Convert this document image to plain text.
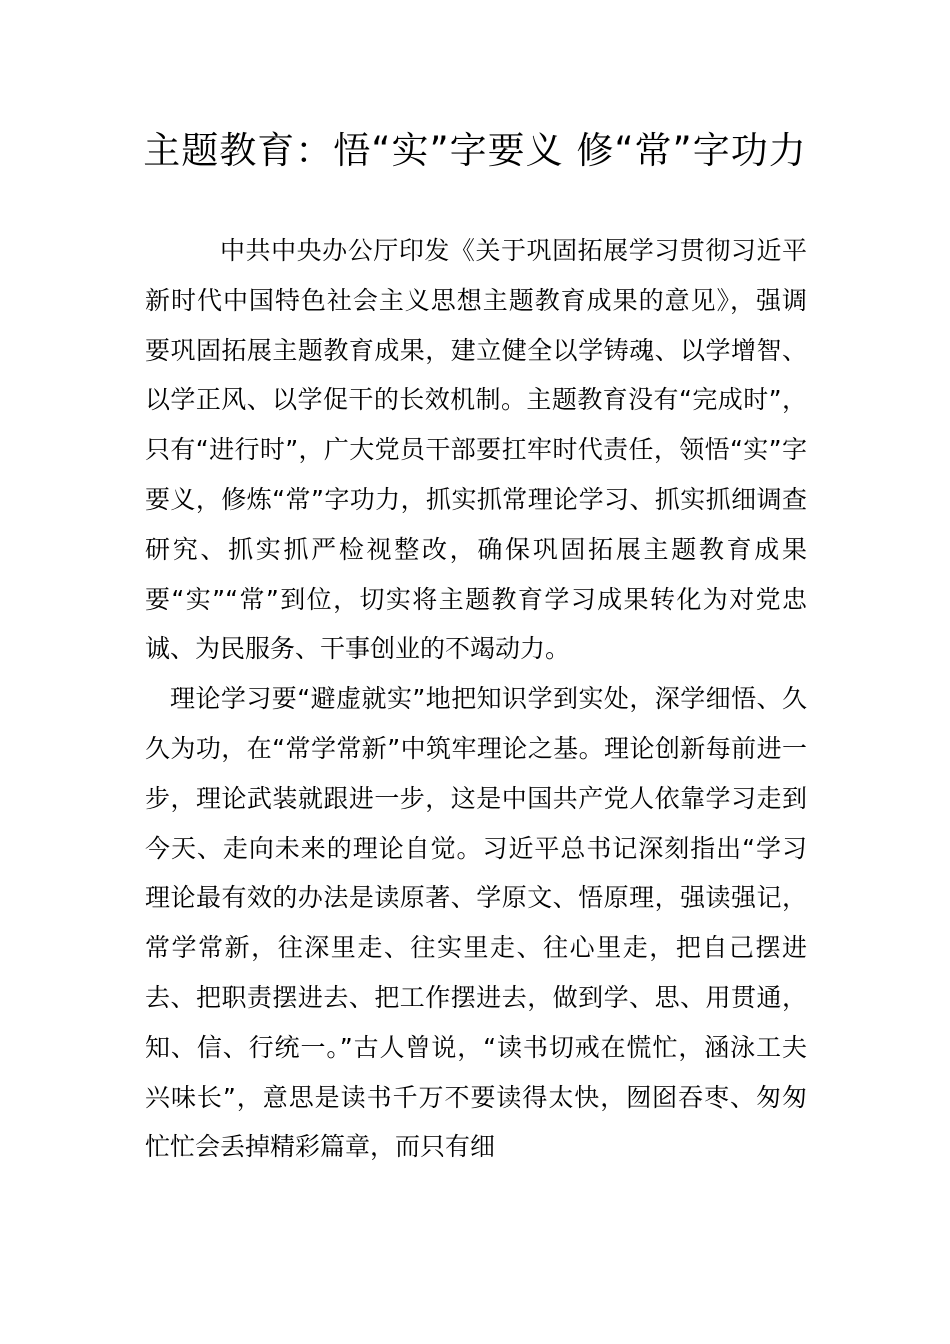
主题教育：悟“实”字要义 修“常”字功力

中共中央办公厅印发《关于巩固拓展学习贯彻习近平新时代中国特色社会主义思想主题教育成果的意见》，强调要巩固拓展主题教育成果，建立健全以学铸魂、以学增智、以学正风、以学促干的长效机制。主题教育没有“完成时”，只有“进行时”，广大党员干部要扛牢时代责任，领悟“实”字要义，修炼“常”字功力，抓实抓常理论学习、抓实抓细调查研究、抓实抓严检视整改，确保巩固拓展主题教育成果要“实”“常”到位，切实将主题教育学习成果转化为对党忠诚、为民服务、干事创业的不竭动力。

理论学习要“避虚就实”地把知识学到实处，深学细悟、久久为功，在“常学常新”中筑牢理论之基。理论创新每前进一步，理论武装就跟进一步，这是中国共产党人依靠学习走到今天、走向未来的理论自觉。习近平总书记深刻指出“学习理论最有效的办法是读原著、学原文、悟原理，强读强记，常学常新，往深里走、往实里走、往心里走，把自己摆进去、把职责摆进去、把工作摆进去，做到学、思、用贯通，知、信、行统一。”古人曾说，“读书切戒在慌忙，涵泳工夫兴味长”，意思是读书千万不要读得太快，囫囵吞枣、匆匆忙忙会丢掉精彩篇章，而只有细
